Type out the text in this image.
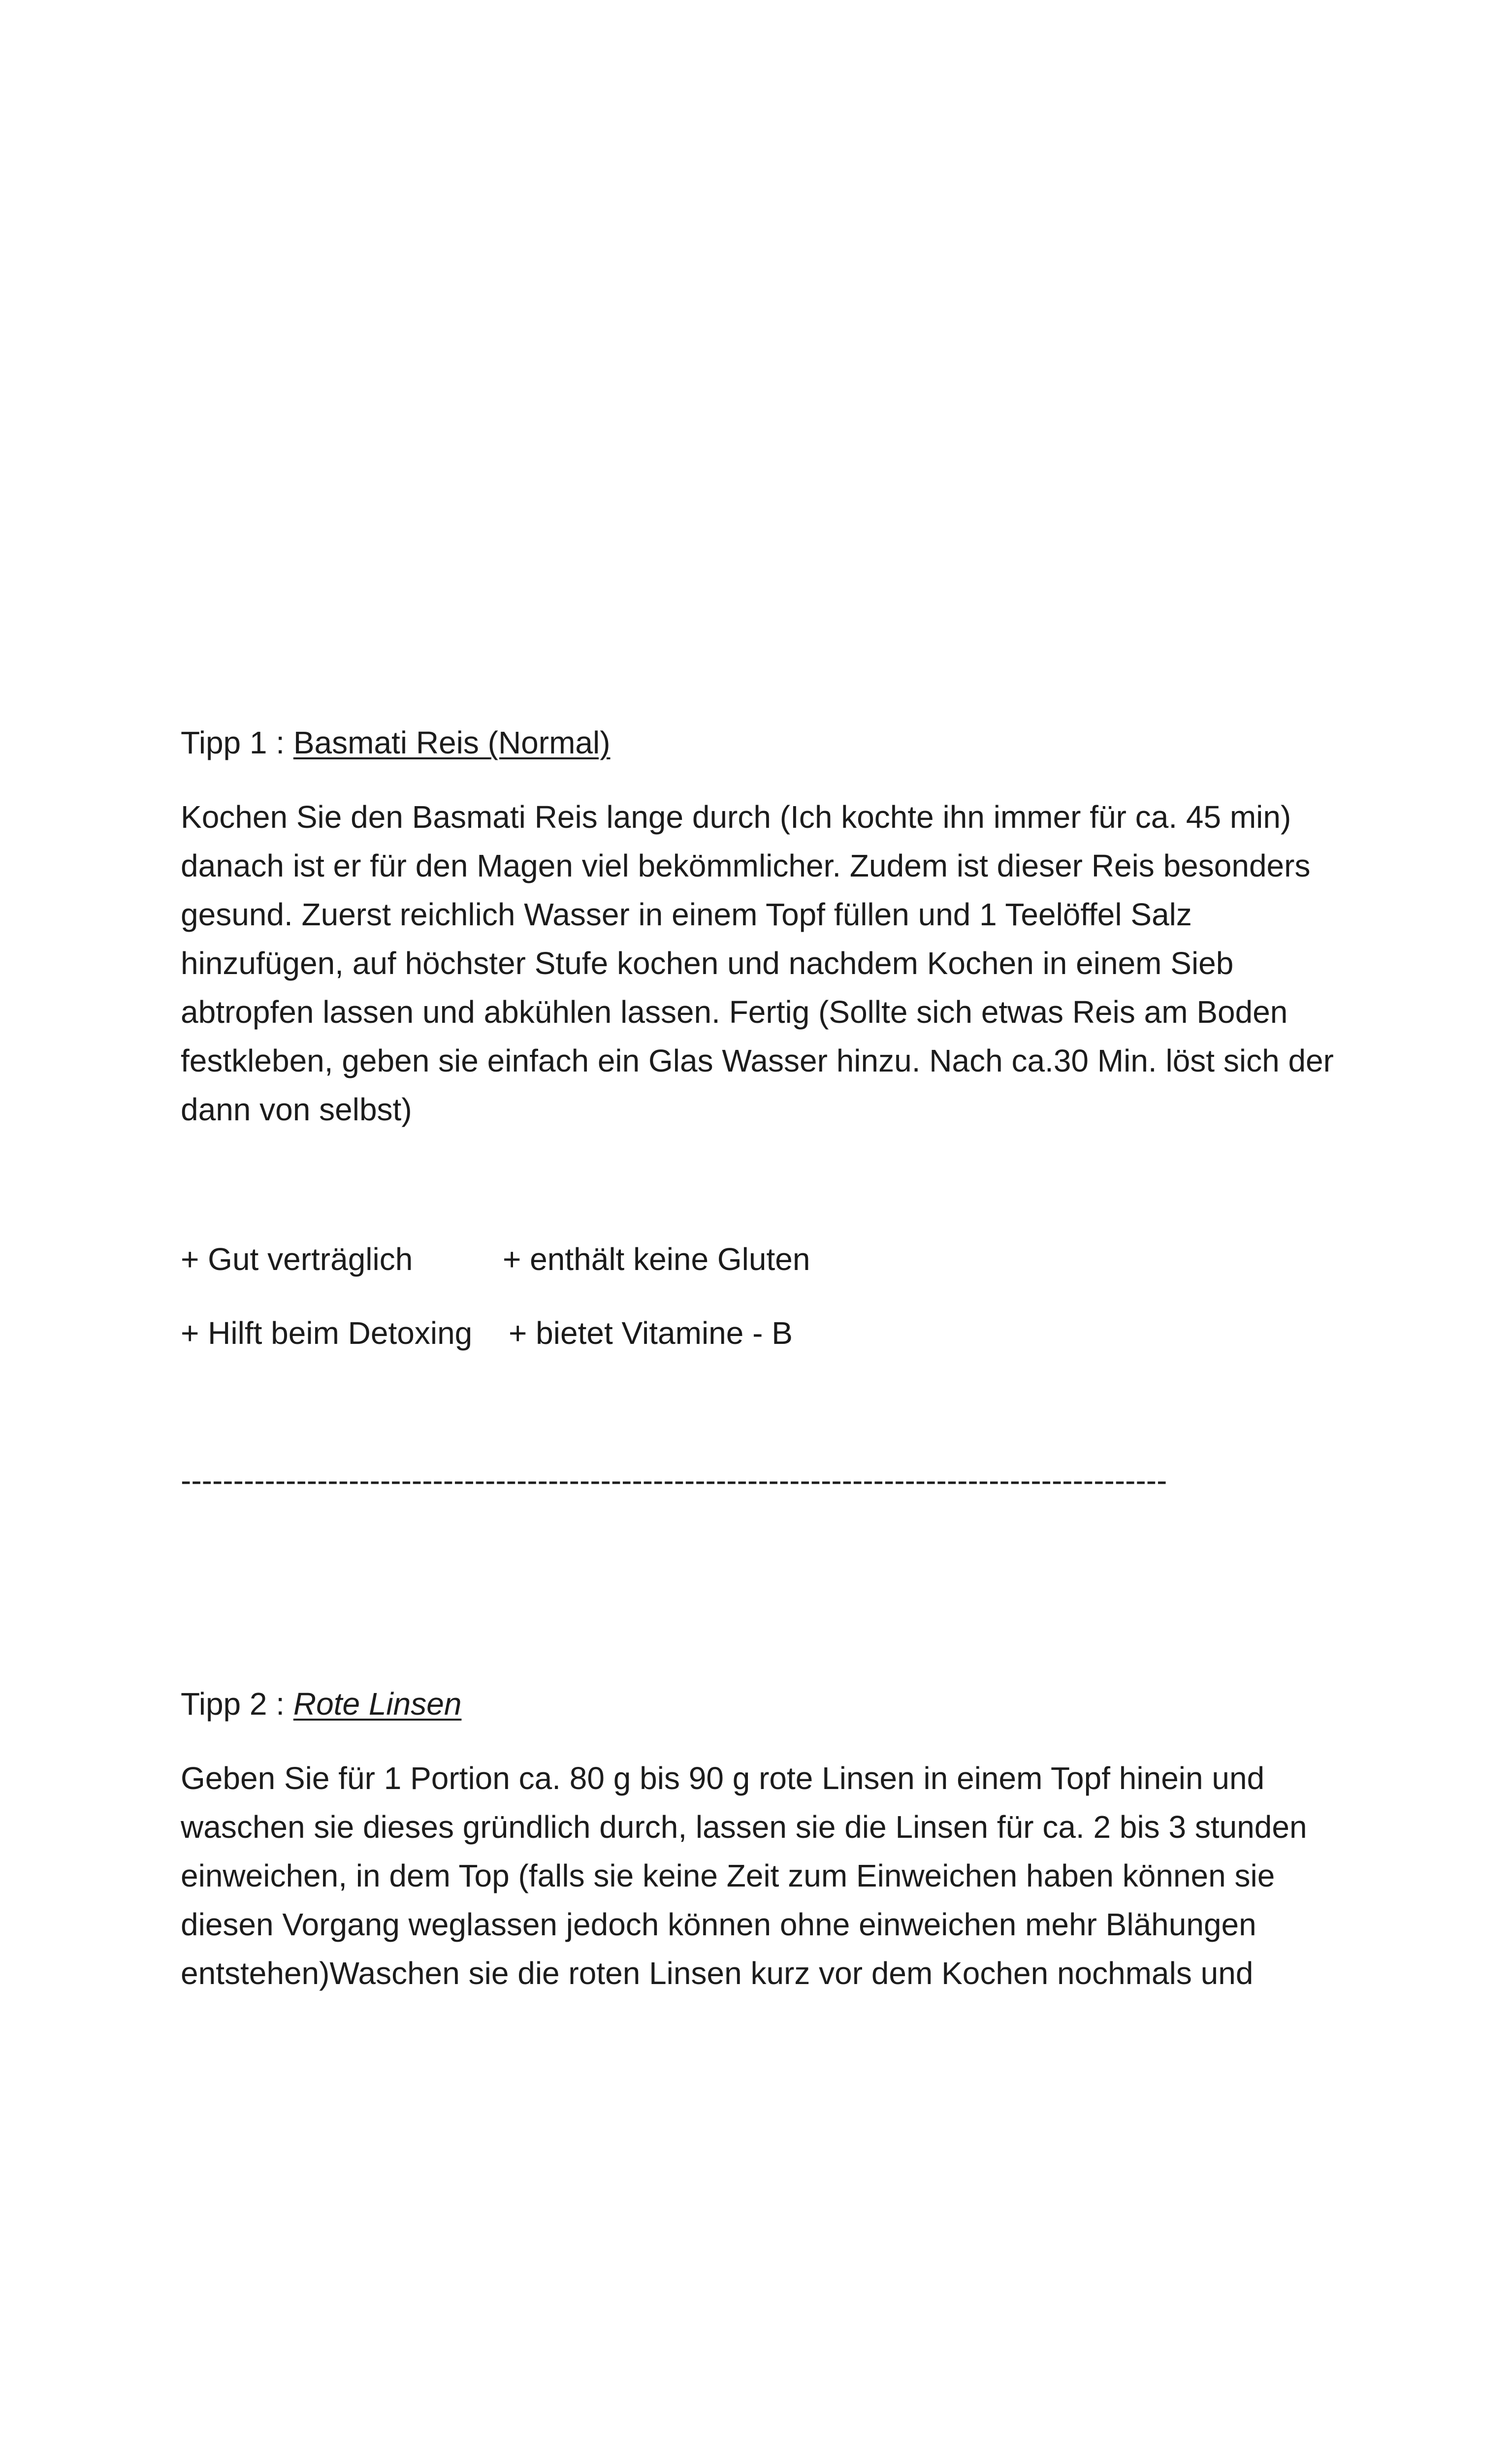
Tipp 1 : Basmati Reis (Normal)
Kochen Sie den Basmati Reis lange durch (Ich kochte ihn immer für ca. 45 min)
danach ist er für den Magen viel bekömmlicher. Zudem ist dieser Reis besonders
gesund. Zuerst reichlich Wasser in einem Topf füllen und 1 Teelöffel Salz
hinzufügen, auf höchster Stufe kochen und nachdem Kochen in einem Sieb
abtropfen lassen und abkühlen lassen. Fertig (Sollte sich etwas Reis am Boden
festkleben, geben sie einfach ein Glas Wasser hinzu. Nach ca.30 Min. löst sich der
dann von selbst)
+ Gut verträglich	+ enthält keine Gluten
+ Hilft beim Detoxing + bietet Vitamine - B
----------------------------------------------------------------------------------------------
Tipp 2 : Rote Linsen
Geben Sie für 1 Portion ca. 80 g bis 90 g rote Linsen in einem Topf hinein und
waschen sie dieses gründlich durch, lassen sie die Linsen für ca. 2 bis 3 stunden
einweichen, in dem Top (falls sie keine Zeit zum Einweichen haben können sie
diesen Vorgang weglassen jedoch können ohne einweichen mehr Blähungen
entstehen)Waschen sie die roten Linsen kurz vor dem Kochen nochmals und
